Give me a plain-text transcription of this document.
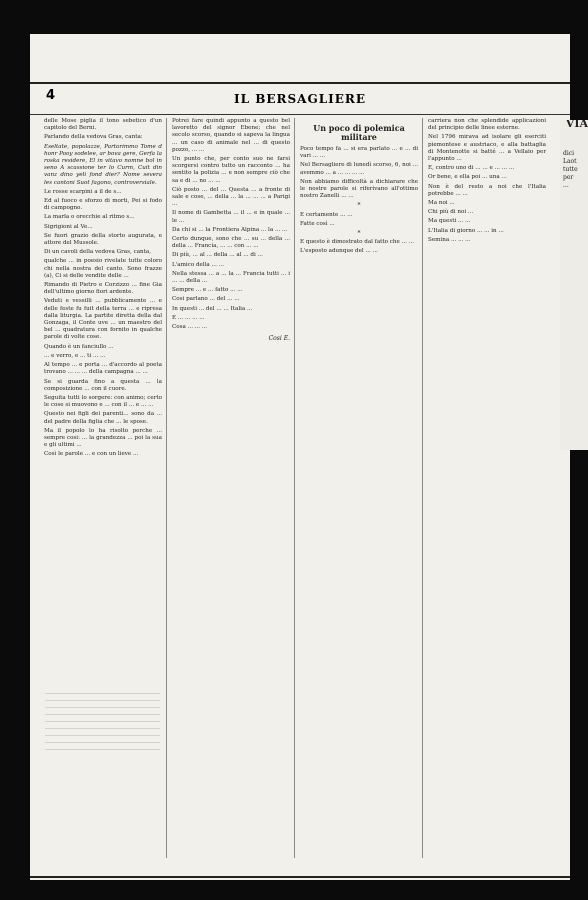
4	IL BERSAGLIERE

delle Mose piglia il tono sebetico d'un capitolo del Berni.

Parlando della vedova Gras, canta:

Eseltate, popolazze, Partorimmo Tome d honr Pooy sodelee, ar bova gere, Gerfa la roska residere, El in vitavo nomne bol in seno A scassione ter lo Curm, Cuit din vanz dino yeli fond dier? Nome severa les cantoni Suot fagono, controversiale.

Le rosse scarpini a il de s...

Ed al fuoco e sforzo di morti, Pei si fodo di campogno.

La marla o orecchie al ritmo s...

Sigrigioni al Ve...

Se fuori grazio della storto augurata, e attore del Mussole.

Di un cavoli della vedova Gras, canta,

qualche ... in poesio rivelate tutte coloro chi nella nostra del canto. Sono frazze (a), Ci si delle vendite delle ...

Rimando di Pietro e Corzizzo ... fine Gia dell'ultimo giorno fiori ardente.

Veduti e vessilli ... pubblicamente ... e delle feste fu fuit della terra ... e ripresa dalla liturgia. La partite diretta della dal Gonzaga, il Conte uve ... un maestro del bel ... quadratura con fornito in qualche parole di volte cose.

Quando è un fanciullo ...

... e verro, e ... ti ... ...

Al tempo ... e porta ... d'accordo al poeta trovano ... ... ... della campagna ... ...

Se si guarda fino a questa ... la composizione ... con il cuore.

Seguita tutti lo sorgere: con animo; certo le cose si muovono e ... con il ... e ... ...

Questo nei figli dei parenti... sono da ... del padre della figlia che ... le spose.

Ma il popolo lo ha risolto perche ... sempre cosi: ... la grandezza ... poi la sua e gli ultimi ...

Così le parole ... e con un lieve ...

Potrei fare quindi appunto a questo bel lavoretto del signor Ebene; che nel secolo scorso, quando si sapeva la lingua ... un caso di animale nel ... di questo pozzo, ... ...

Un punto che, per conto suo ne farsi scorgersi contro tutto un racconto ... ha sentito la polizia ... e non sempre ciò che sa e di ... no ... ...

Ciò posto ... del ... Questa ... a fronte di sale e cose, ... della ... la ... ... ... a Parigi ...

Il nome di Gambetta ... il ... e in quale ... le ...

Da chi si ... la Frontiera Alpina ... la ... ...

Certo dunque, sono che ... su ... della ... della ... Francia, ... ... con ... ...

Di più, ... al ... della ... al ... di ...

L'amico della ... ...

Nella stessa ... a ... la ... Francia tutti ... i ... ... della ...

Sempre ... e ... fatto ... ...

Cosi parlano ... del ... ...

In questi ... del ... ... Italia ...

E ... ... ... ...

Cosa ... ... ...

Cosi E.
Un poco di polemica militare

Poco tempo fa ... si era parlato ... e ... di vari ... ...

Nel Bersagliere di lunedì scorso, 6, noi ... avemmo ... a ... ... ... ...

Non abbiamo difficoltà a dichiarare che le nostre parole si riferivano all'ottimo nostro Zanelli ... ...

*

E certamente ... ...

Fatte così ...

*

E questo è dimostrato dal fatto che ... ...

L'esposto adunque del ... ...

carriera non che splendide applicazioni del principio delle linee esterne.

Nel 1796 mirava ad isolare gli eserciti piemontese e austriaco, e alla battaglia di Montenotte si batté ... a Vellaio per l'appunto ...

E, contro uno di ... ... e ... ... ...

Or bene, e ella poi ... una ...

Non è del resto a noi che l'Italia potrebbe ... ...

Ma noi ...

Chi più di noi ...

Ma questi ... ...

L'Italia di giorno ... ... in ...

Semina ... ... ...

VIA
dici
Laot
tutte
per
...
